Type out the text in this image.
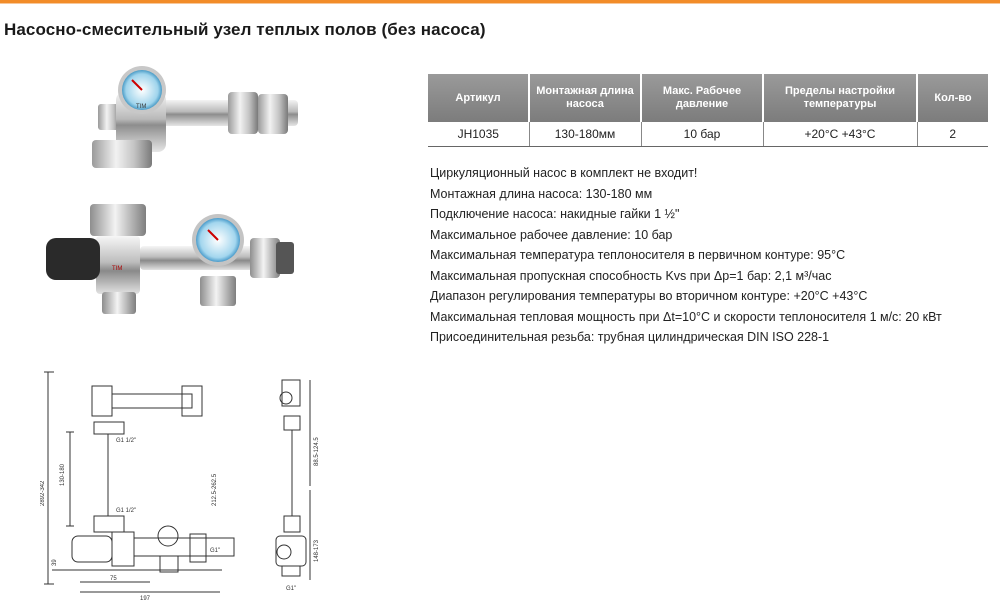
Насосно-смесительный узел теплых полов (без насоса)
TIM
TIM
G1 1/2"
130-180
G1 1/2"
2892-342	212.5-262.5
39
75
197
G1"
88.5-124.5
148-173
G1"
Артикул	Монтажная длина насоса	Макс. Рабочее давление	Пределы настройки температуры	Кол-во
JH1035	130-180мм	10 бар	+20°C +43°C	2
Циркуляционный насос в комплект не входит!
Монтажная длина насоса: 130-180 мм
Подключение насоса: накидные гайки 1 ½"
Максимальное рабочее давление: 10 бар
Максимальная температура теплоносителя в первичном контуре: 95°C
Максимальная пропускная способность Kvs при Δp=1 бар: 2,1 м³/час
Диапазон регулирования температуры во вторичном контуре: +20°C +43°C
Максимальная тепловая мощность при Δt=10°C и скорости теплоносителя 1 м/с: 20 кВт
Присоединительная резьба: трубная цилиндрическая DIN ISO 228-1
